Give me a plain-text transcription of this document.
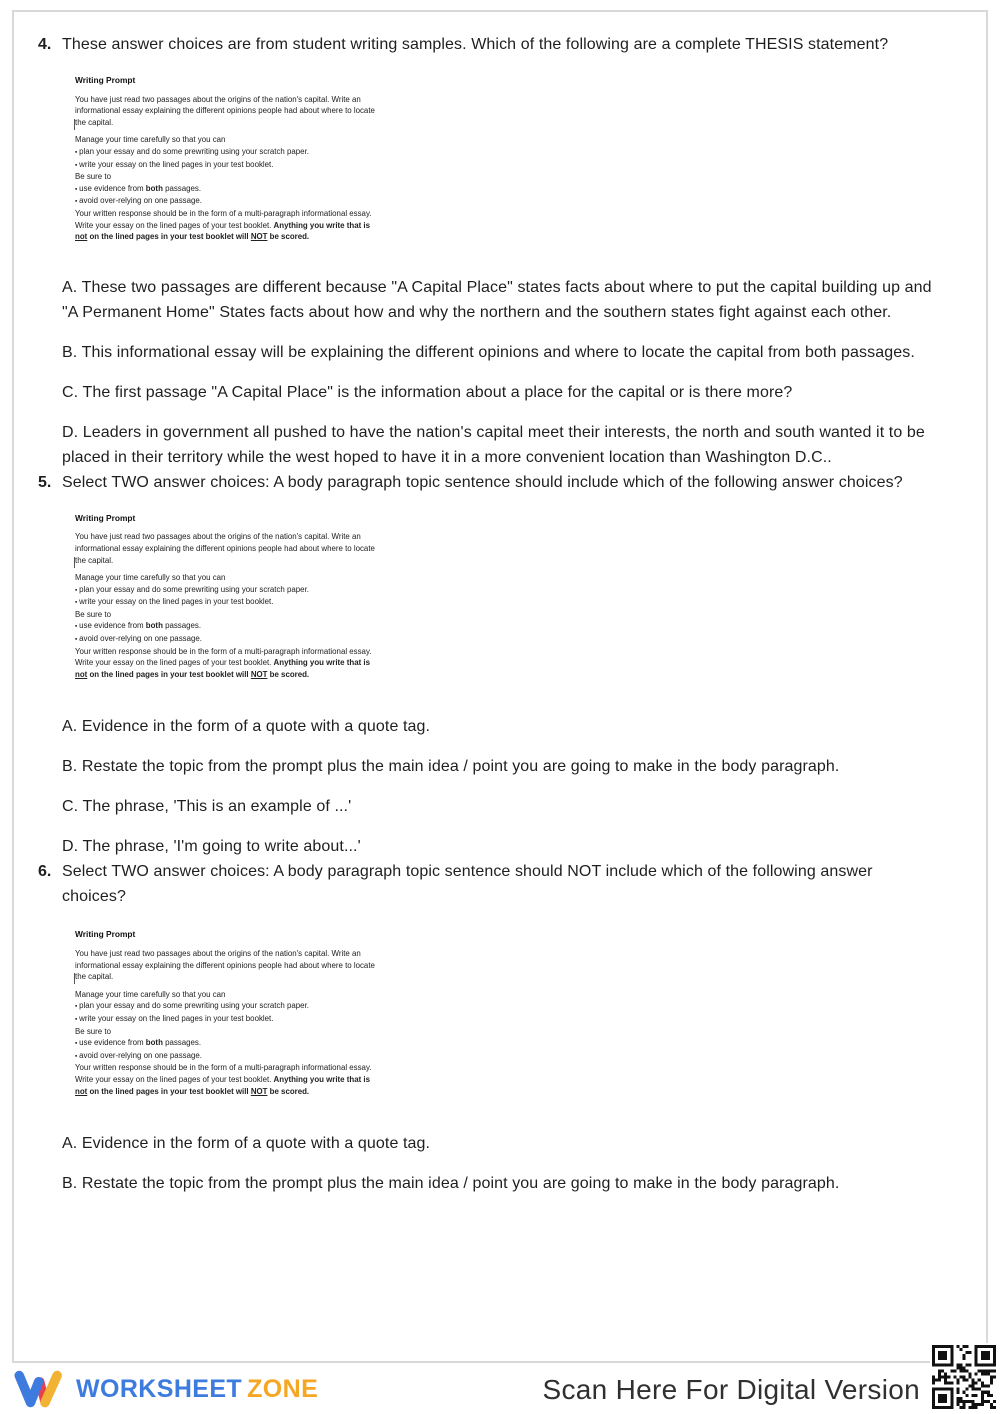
4. These answer choices are from student writing samples. Which of the following are a complete THESIS statement?

Writing Prompt
You have just read two passages about the origins of the nation's capital. Write an informational essay explaining the different opinions people had about where to locate the capital.
Manage your time carefully so that you can
▪ plan your essay and do some prewriting using your scratch paper.
▪ write your essay on the lined pages in your test booklet.
Be sure to
▪ use evidence from both passages.
▪ avoid over-relying on one passage.
Your written response should be in the form of a multi-paragraph informational essay.
Write your essay on the lined pages of your test booklet. Anything you write that is not on the lined pages in your test booklet will NOT be scored.

A. These two passages are different because "A Capital Place" states facts about where to put the capital building up and "A Permanent Home" States facts about how and why the northern and the southern states fight against each other.

B. This informational essay will be explaining the different opinions and where to locate the capital from both passages.

C. The first passage "A Capital Place" is the information about a place for the capital or is there more?

D. Leaders in government all pushed to have the nation's capital meet their interests, the north and south wanted it to be placed in their territory while the west hoped to have it in a more convenient location than Washington D.C..

5. Select TWO answer choices: A body paragraph topic sentence should include which of the following answer choices?

Writing Prompt
You have just read two passages about the origins of the nation's capital. Write an informational essay explaining the different opinions people had about where to locate the capital.
Manage your time carefully so that you can
▪ plan your essay and do some prewriting using your scratch paper.
▪ write your essay on the lined pages in your test booklet.
Be sure to
▪ use evidence from both passages.
▪ avoid over-relying on one passage.
Your written response should be in the form of a multi-paragraph informational essay.
Write your essay on the lined pages of your test booklet. Anything you write that is not on the lined pages in your test booklet will NOT be scored.

A. Evidence in the form of a quote with a quote tag.

B. Restate the topic from the prompt plus the main idea / point you are going to make in the body paragraph.

C. The phrase, 'This is an example of ...'

D. The phrase, 'I'm going to write about...'

6. Select TWO answer choices: A body paragraph topic sentence should NOT include which of the following answer choices?

Writing Prompt
You have just read two passages about the origins of the nation's capital. Write an informational essay explaining the different opinions people had about where to locate the capital.
Manage your time carefully so that you can
▪ plan your essay and do some prewriting using your scratch paper.
▪ write your essay on the lined pages in your test booklet.
Be sure to
▪ use evidence from both passages.
▪ avoid over-relying on one passage.
Your written response should be in the form of a multi-paragraph informational essay.
Write your essay on the lined pages of your test booklet. Anything you write that is not on the lined pages in your test booklet will NOT be scored.

A. Evidence in the form of a quote with a quote tag.

B. Restate the topic from the prompt plus the main idea / point you are going to make in the body paragraph.

WORKSHEET ZONE	Scan Here For Digital Version
